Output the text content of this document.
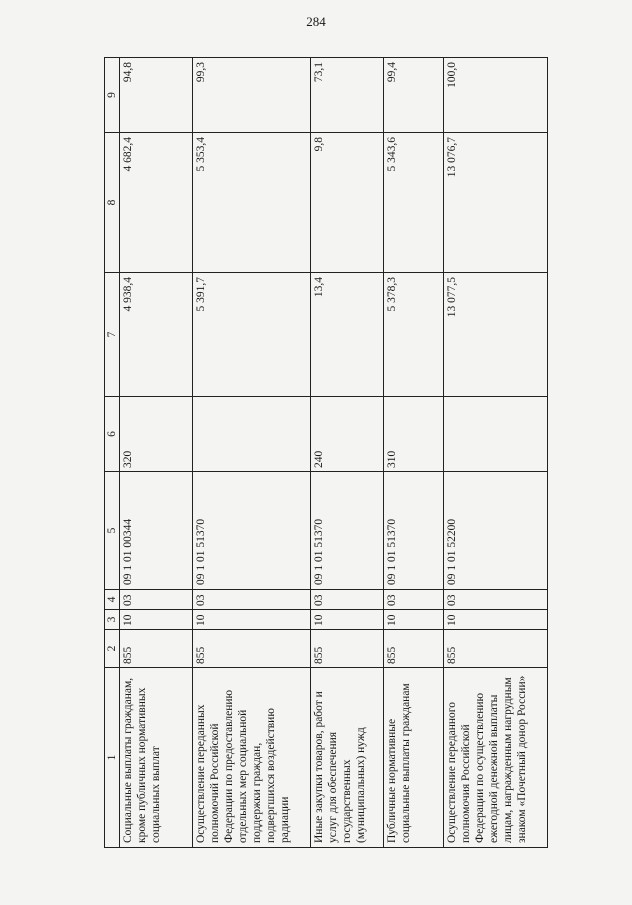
284
1	2	3	4	5	6	7	8	9
Социальные выплаты гражданам, кроме публичных нормативных социальных выплат	855	10	03	09 1 01 00344	320	4 938,4	4 682,4	94,8
Осуществление переданных полномочий Российской Федерации по предоставлению отдельных мер социальной поддержки граждан, подвергшихся воздействию радиации	855	10	03	09 1 01 51370		5 391,7	5 353,4	99,3
Иные закупки товаров, работ и услуг для обеспечения государственных (муниципальных) нужд	855	10	03	09 1 01 51370	240	13,4	9,8	73,1
Публичные нормативные социальные выплаты гражданам	855	10	03	09 1 01 51370	310	5 378,3	5 343,6	99,4
Осуществление переданного полномочия Российской Федерации по осуществлению ежегодной денежной выплаты лицам, награжденным нагрудным знаком «Почетный донор России»	855	10	03	09 1 01 52200		13 077,5	13 076,7	100,0
